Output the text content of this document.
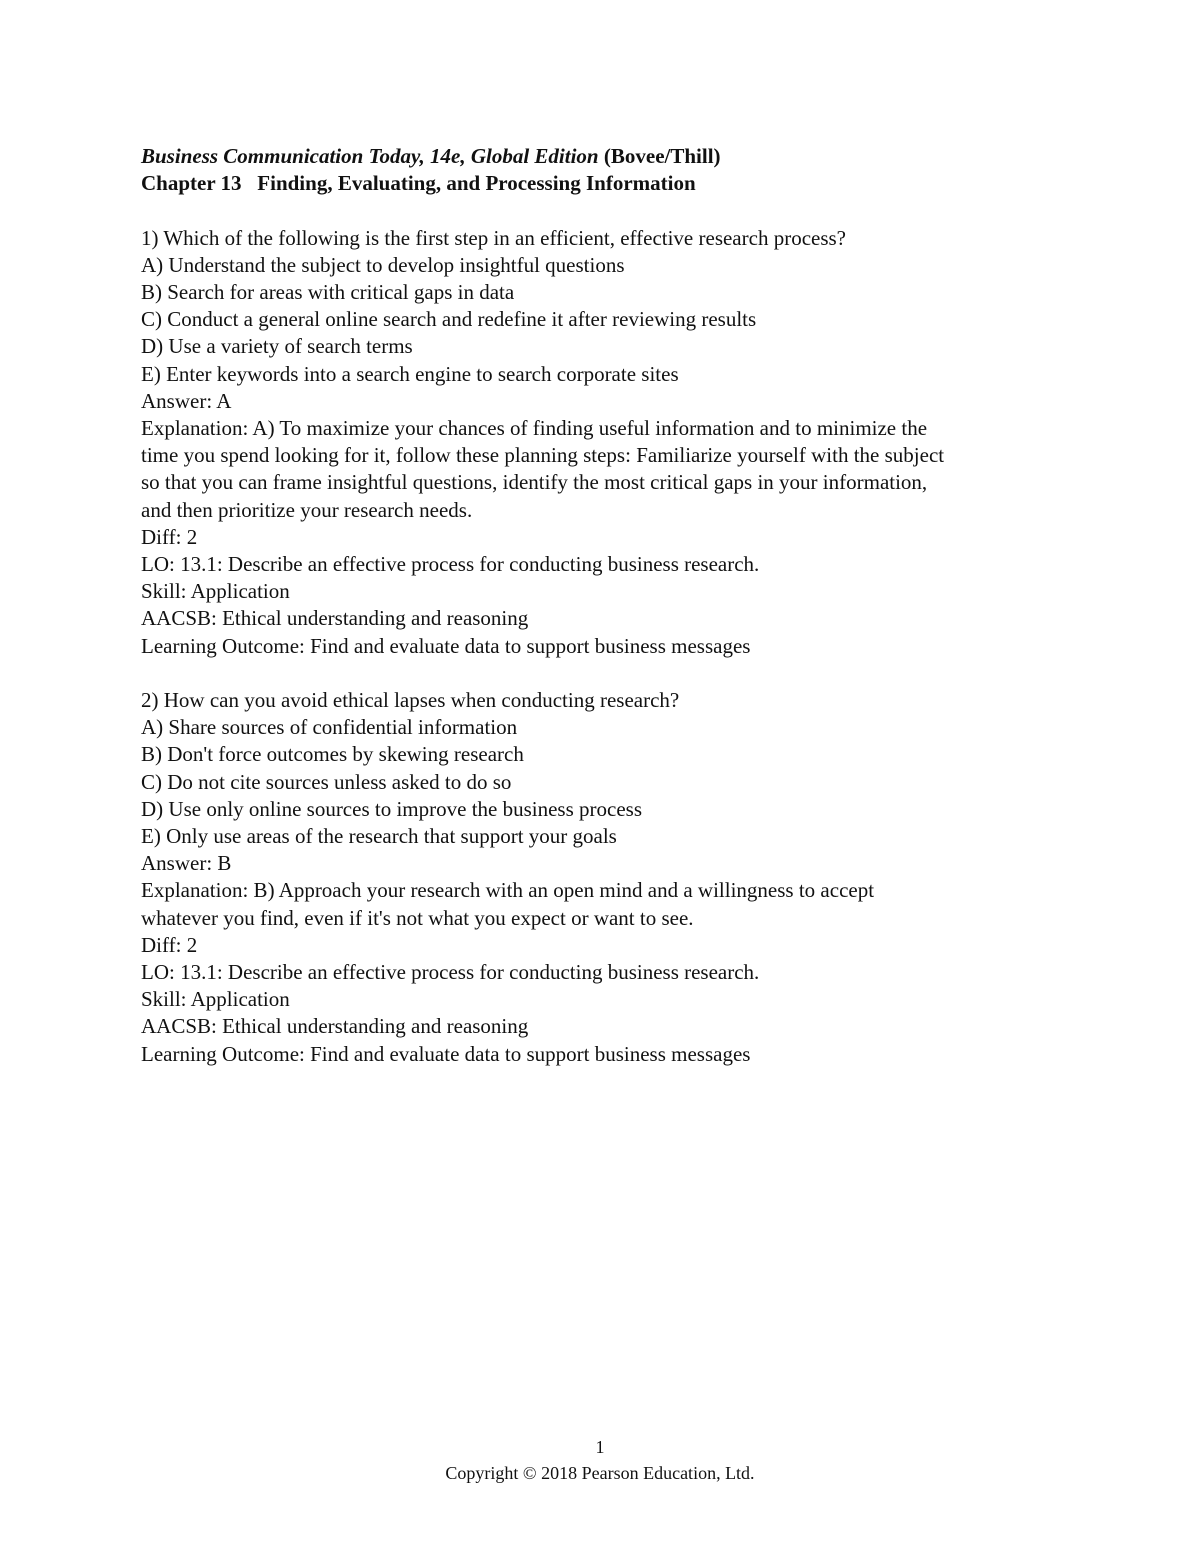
Business Communication Today, 14e, Global Edition (Bovee/Thill)
Chapter 13 Finding, Evaluating, and Processing Information
1) Which of the following is the first step in an efficient, effective research process?
A) Understand the subject to develop insightful questions
B) Search for areas with critical gaps in data
C) Conduct a general online search and redefine it after reviewing results
D) Use a variety of search terms
E) Enter keywords into a search engine to search corporate sites
Answer: A
Explanation: A) To maximize your chances of finding useful information and to minimize the
time you spend looking for it, follow these planning steps: Familiarize yourself with the subject
so that you can frame insightful questions, identify the most critical gaps in your information,
and then prioritize your research needs.
Diff: 2
LO: 13.1: Describe an effective process for conducting business research.
Skill: Application
AACSB: Ethical understanding and reasoning
Learning Outcome: Find and evaluate data to support business messages
2) How can you avoid ethical lapses when conducting research?
A) Share sources of confidential information
B) Don't force outcomes by skewing research
C) Do not cite sources unless asked to do so
D) Use only online sources to improve the business process
E) Only use areas of the research that support your goals
Answer: B
Explanation: B) Approach your research with an open mind and a willingness to accept
whatever you find, even if it's not what you expect or want to see.
Diff: 2
LO: 13.1: Describe an effective process for conducting business research.
Skill: Application
AACSB: Ethical understanding and reasoning
Learning Outcome: Find and evaluate data to support business messages
1
Copyright © 2018 Pearson Education, Ltd.
